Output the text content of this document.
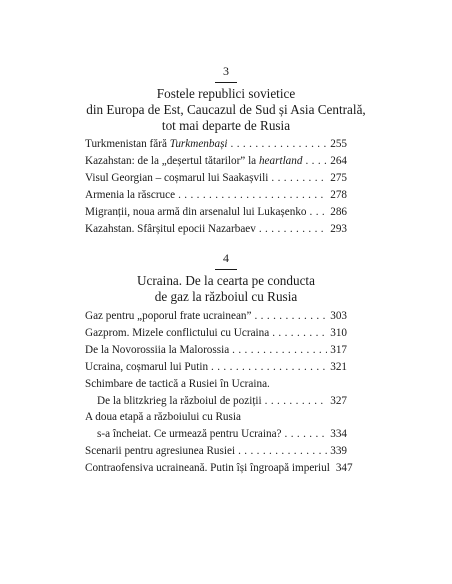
3
Fostele republici sovietice
din Europa de Est, Caucazul de Sud și Asia Centrală,
tot mai departe de Rusia
Turkmenistan fără Turkmenbași . . .	255
Kazahstan: de la „deșertul tătarilor” la heartland . . . 264
Visul Georgian – coșmarul lui Saakașvili . . .	275
Armenia la răscruce . . .	278
Migranții, noua armă din arsenalul lui Lukașenko . . . 286
Kazahstan. Sfârșitul epocii Nazarbaev . . .	293
4
Ucraina. De la cearta pe conducta
de gaz la războiul cu Rusia
Gaz pentru „poporul frate ucrainean” . . .	303
Gazprom. Mizele conflictului cu Ucraina . . .	310
De la Novorossiia la Malorossia . . .	317
Ucraina, coșmarul lui Putin . . .	321
Schimbare de tactică a Rusiei în Ucraina.
De la blitzkrieg la războiul de poziții . . .	327
A doua etapă a războiului cu Rusia
s-a încheiat. Ce urmează pentru Ucraina? . . .	334
Scenarii pentru agresiunea Rusiei . . .	339
Contraofensiva ucraineană. Putin își îngroapă imperiul 347
